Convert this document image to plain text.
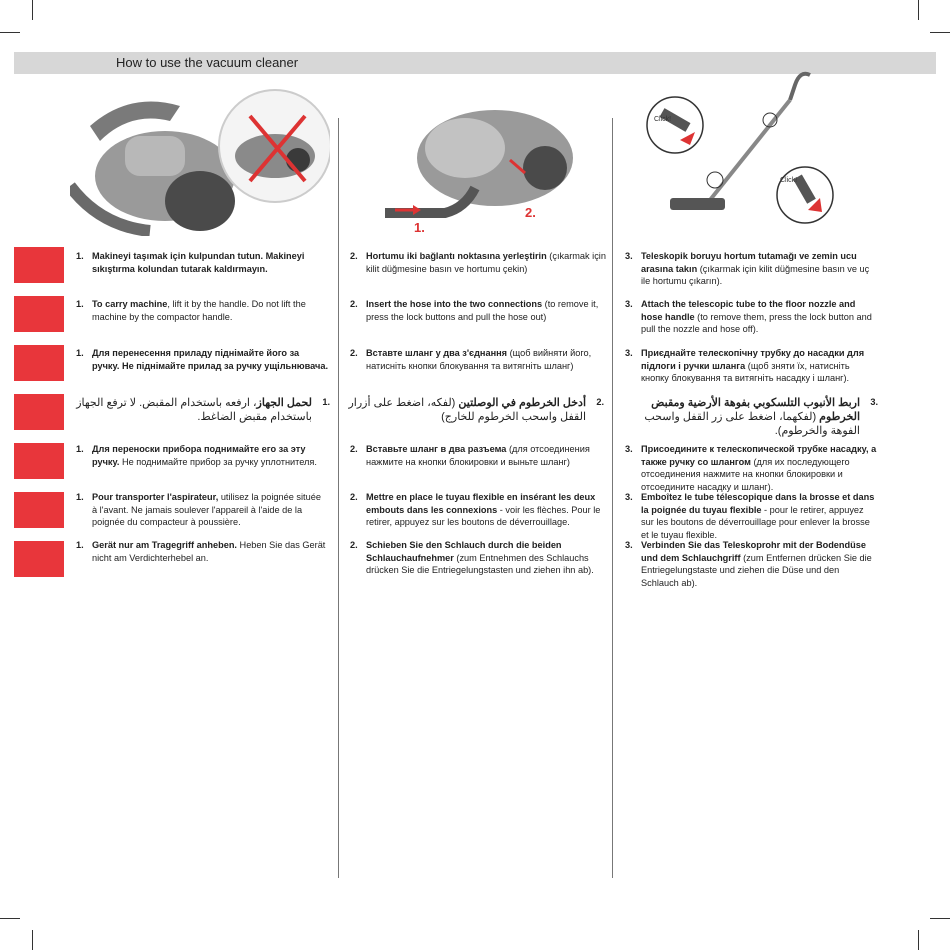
How to use the vacuum cleaner
1.
2.
Click!
Click!
1. Makineyi taşımak için kulpundan tutun. Makineyi sıkıştırma kolundan tutarak kaldırmayın.
2. Hortumu iki bağlantı noktasına yerleştirin (çıkarmak için kilit düğmesine basın ve hortumu çekin)
3. Teleskopik boruyu hortum tutamağı ve zemin ucu arasına takın (çıkarmak için kilit düğmesine basın ve uç ile hortumu çıkarın).
1. To carry machine, lift it by the handle. Do not lift the machine by the compactor handle.
2. Insert the hose into the two connections (to remove it, press the lock buttons and pull the hose out)
3. Attach the telescopic tube to the floor nozzle and hose handle (to remove them, press the lock button and pull the nozzle and hose off).
1. Для перенесення приладу піднімайте його за ручку. Не піднімайте прилад за ручку ущільнювача.
2. Вставте шланг у два з'єднання (щоб вийняти його, натисніть кнопки блокування та витягніть шланг)
3. Приєднайте телескопічну трубку до насадки для підлоги і ручки шланга (щоб зняти їх, натисніть кнопку блокування та витягніть насадку і шланг).
1.
لحمل الجهاز، ارفعه باستخدام المقبض. لا ترفع الجهاز باستخدام مقبض الضاغط.
2.
أدخل الخرطوم في الوصلتين (لفكه، اضغط على أزرار القفل واسحب الخرطوم للخارج)
3.
اربط الأنبوب التلسكوبي بفوهة الأرضية ومقبض الخرطوم (لفكهما، اضغط على زر القفل واسحب الفوهة والخرطوم).
1. Для переноски прибора поднимайте его за эту ручку. Не поднимайте прибор за ручку уплотнителя.
2. Вставьте шланг в два разъема (для отсоединения нажмите на кнопки блокировки и выньте шланг)
3. Присоедините к телескопической трубке насадку, а также ручку со шлангом (для их последующего отсоединения нажмите на кнопки блокировки и отсоедините насадку и шланг).
1. Pour transporter l'aspirateur, utilisez la poignée située à l'avant. Ne jamais soulever l'appareil à l'aide de la poignée du compacteur à poussière.
2. Mettre en place le tuyau flexible en insérant les deux embouts dans les connexions - voir les flèches. Pour le retirer, appuyez sur les boutons de déverrouillage.
3. Emboîtez le tube télescopique dans la brosse et dans la poignée du tuyau flexible - pour le retirer, appuyez sur les boutons de déverrouillage pour enlever la brosse et le tuyau flexible.
1. Gerät nur am Tragegriff anheben. Heben Sie das Gerät nicht am Verdichterhebel an.
2. Schieben Sie den Schlauch durch die beiden Schlauchaufnehmer (zum Entnehmen des Schlauchs drücken Sie die Entriegelungstasten und ziehen ihn ab).
3. Verbinden Sie das Teleskoprohr mit der Bodendüse und dem Schlauchgriff (zum Entfernen drücken Sie die Entriegelungstaste und ziehen die Düse und den Schlauch ab).
